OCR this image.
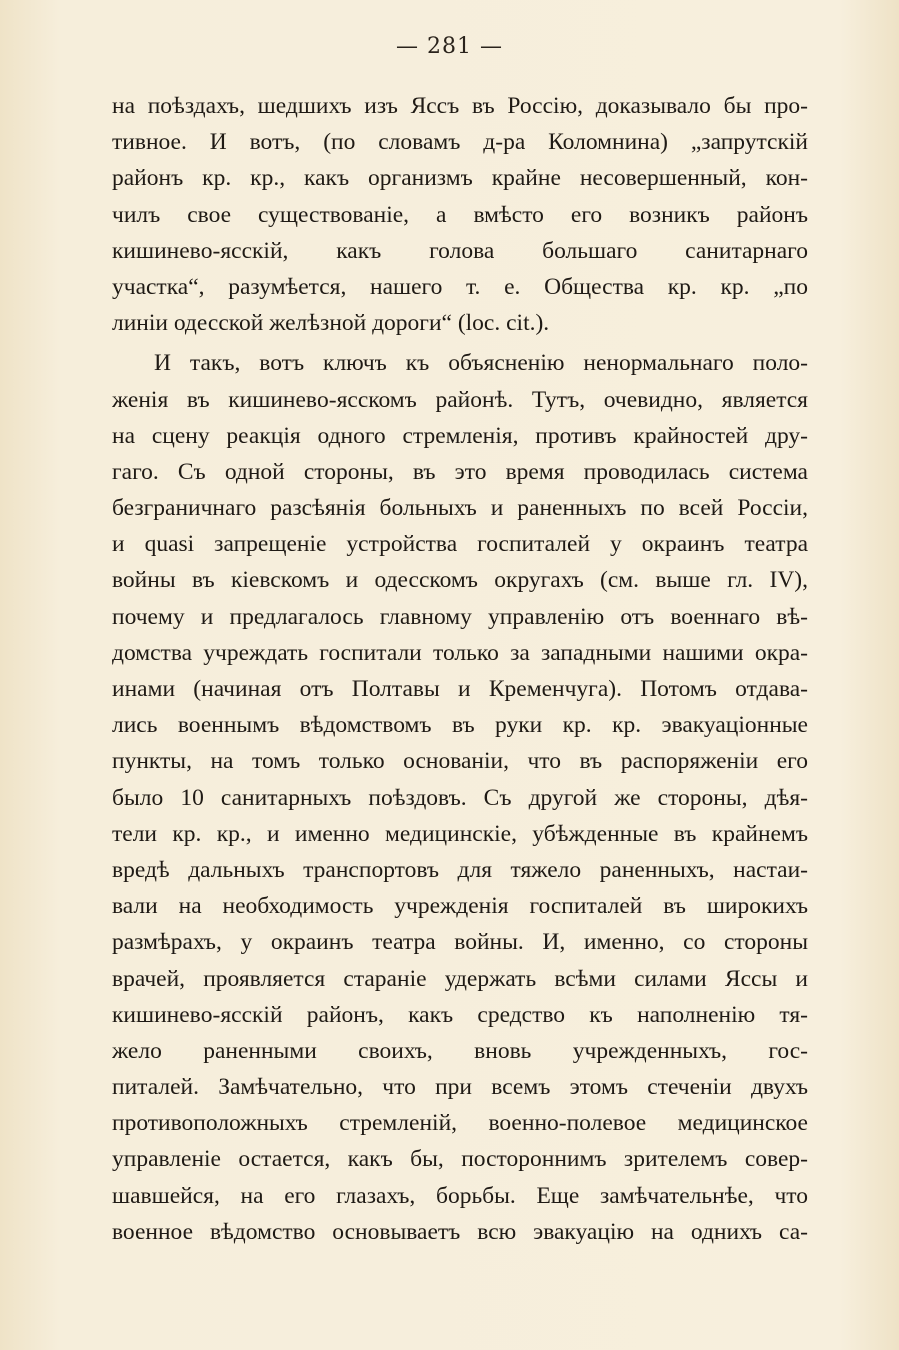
— 281 —
на поѣздахъ, шедшихъ изъ Яссъ въ Россію, доказывало бы про-
тивное. И вотъ, (по словамъ д-ра Коломнина) „запрутскій
районъ кр. кр., какъ организмъ крайне несовершенный, кон-
чилъ свое существованіе, а вмѣсто его возникъ районъ
кишиневo-ясскій, какъ голова большаго санитарнаго
участка“, разумѣется, нашего т. е. Общества кр. кр. „по
линіи одесской желѣзной дороги“ (loc. cit.).
И такъ, вотъ ключъ къ объясненію ненормальнаго поло-
женія въ кишиневo-ясскомъ районѣ. Тутъ, очевидно, является
на сцену реакція одного стремленія, противъ крайностей дру-
гаго. Съ одной стороны, въ это время проводилась система
безграничнаго разсѣянія больныхъ и раненныхъ по всей Россіи,
и quasi запрещеніе устройства госпиталей у окраинъ театра
войны въ кіевскомъ и одесскомъ округахъ (см. выше гл. IV),
почему и предлагалось главному управленію отъ военнаго вѣ-
домства учреждать госпитали только за западными нашими окра-
инами (начиная отъ Полтавы и Кременчуга). Потомъ отдава-
лись военнымъ вѣдомствомъ въ руки кр. кр. эвакуаціонные
пункты, на томъ только основаніи, что въ распоряженіи его
было 10 санитарныхъ поѣздовъ. Съ другой же стороны, дѣя-
тели кр. кр., и именно медицинскіе, убѣжденные въ крайнемъ
вредѣ дальныхъ транспортовъ для тяжело раненныхъ, настаи-
вали на необходимость учрежденія госпиталей въ широкихъ
размѣрахъ, у окраинъ театра войны. И, именно, со стороны
врачей, проявляется стараніе удержать всѣми силами Яссы и
кишиневo-ясскій районъ, какъ средство къ наполненію тя-
жело раненными своихъ, вновь учрежденныхъ, гос-
питалей. Замѣчательно, что при всемъ этомъ стеченіи двухъ
противоположныхъ стремленій, военно-полевое медицинское
управленіе остается, какъ бы, постороннимъ зрителемъ совер-
шавшейся, на его глазахъ, борьбы. Еще замѣчательнѣе, что
военное вѣдомство основываетъ всю эвакуацію на однихъ са-
